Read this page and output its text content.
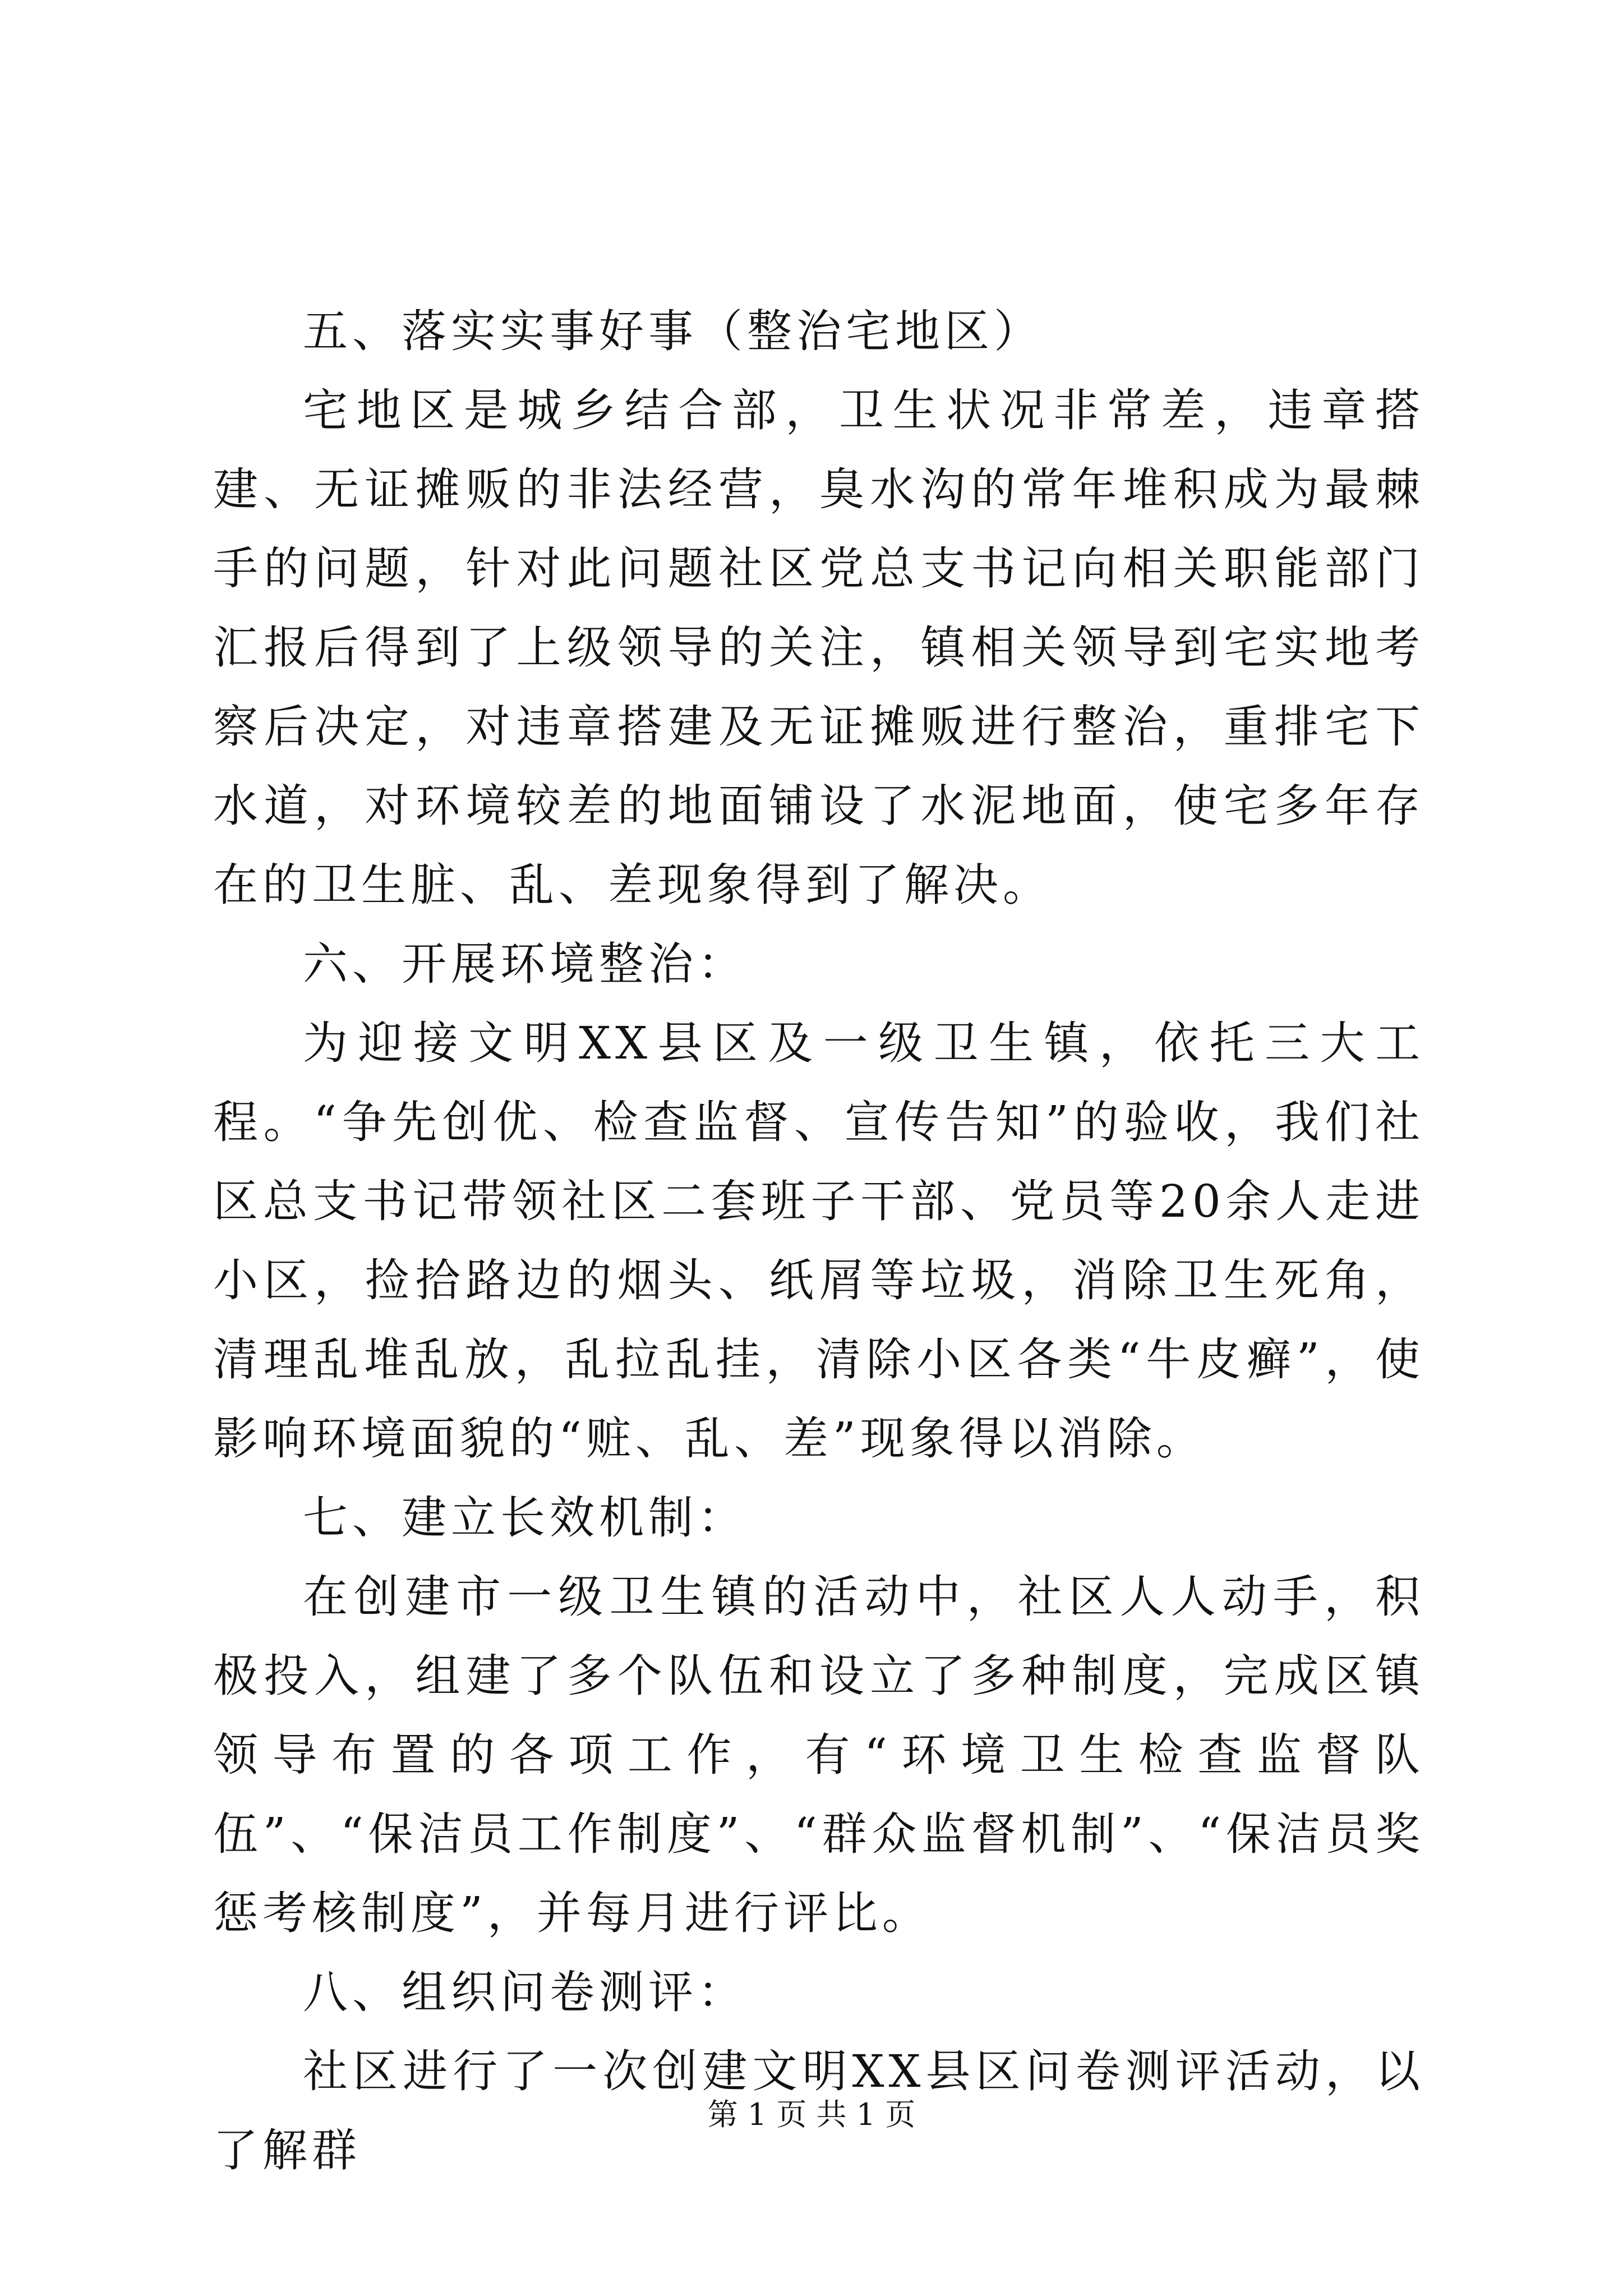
五、落实实事好事（整治宅地区）

宅地区是城乡结合部，卫生状况非常差，违章搭建、无证摊贩的非法经营，臭水沟的常年堆积成为最棘手的问题，针对此问题社区党总支书记向相关职能部门汇报后得到了上级领导的关注，镇相关领导到宅实地考察后决定，对违章搭建及无证摊贩进行整治，重排宅下水道，对环境较差的地面铺设了水泥地面，使宅多年存在的卫生脏、乱、差现象得到了解决。

六、开展环境整治：

为迎接文明XX县区及一级卫生镇，依托三大工程。“争先创优、检查监督、宣传告知”的验收，我们社区总支书记带领社区二套班子干部、党员等20余人走进小区，捡拾路边的烟头、纸屑等垃圾，消除卫生死角，清理乱堆乱放，乱拉乱挂，清除小区各类“牛皮癣”，使影响环境面貌的“赃、乱、差”现象得以消除。

七、建立长效机制：

在创建市一级卫生镇的活动中，社区人人动手，积极投入，组建了多个队伍和设立了多种制度，完成区镇领导布置的各项工作，有“环境卫生检查监督队伍”、“保洁员工作制度”、“群众监督机制”、“保洁员奖惩考核制度”，并每月进行评比。

八、组织问卷测评：

社区进行了一次创建文明XX县区问卷测评活动，以了解群

第 1 页 共 1 页
